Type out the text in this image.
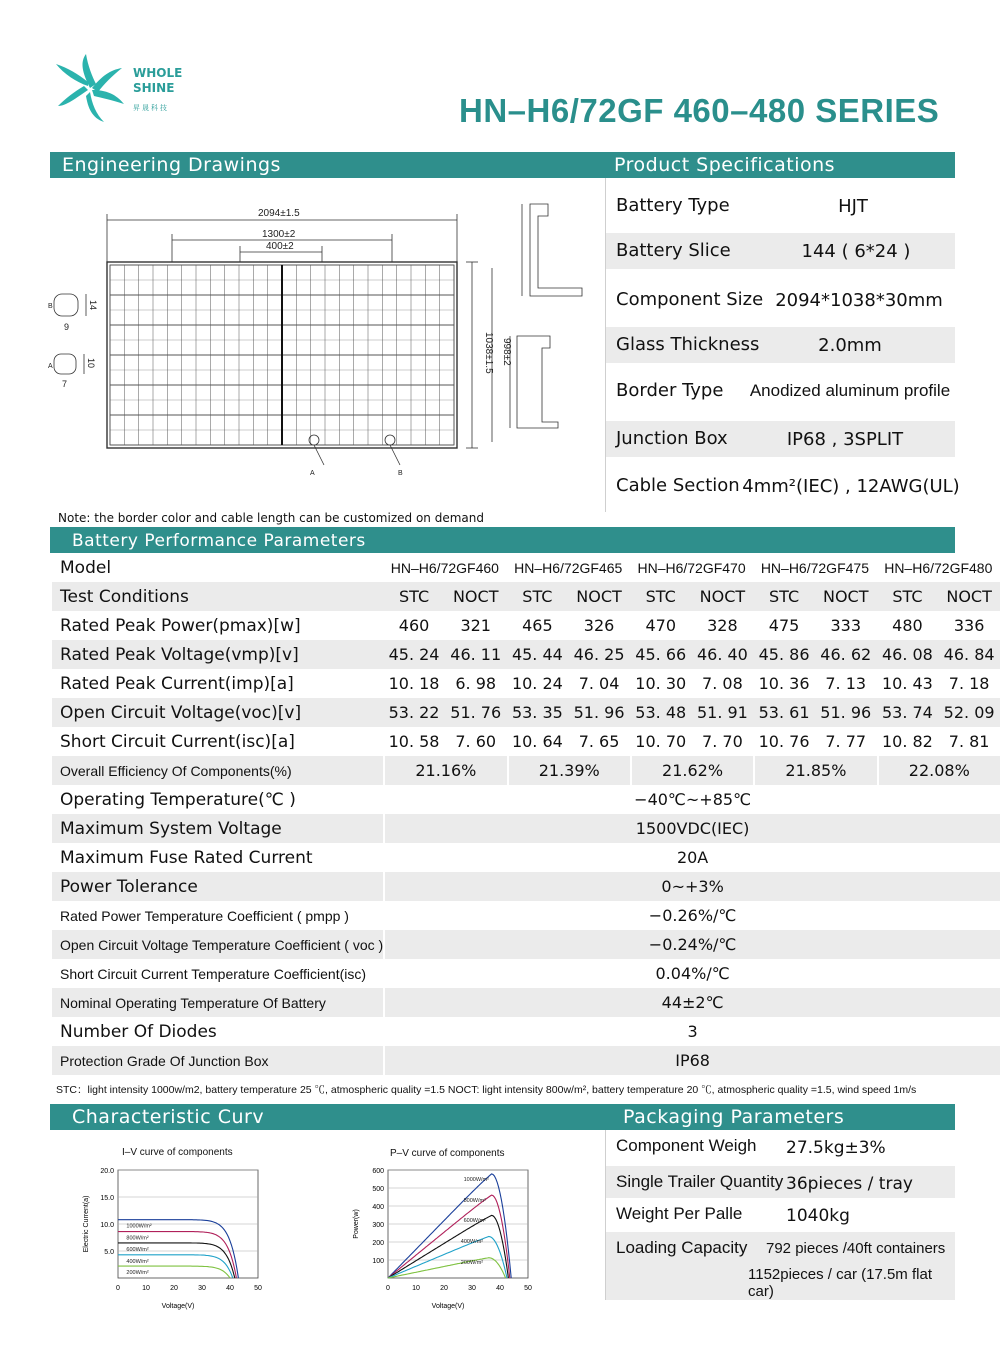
WHOLE
SHINE
昇晟科技	HN–H6/72GF 460–480 SERIES
Engineering Drawings	Product Specifications
2094±1.5
1300±2
400±2
B
A
A	B
9
7
1038±1.5 998±2
14
10
Note: the border color and cable length can be customized on demand
Battery Type	HJT
Battery Slice	144 ( 6*24 )
Component Size 2094*1038*30mm
Glass Thickness	2.0mm
Border Type	Anodized aluminum profile
Junction Box	IP68 , 3SPLIT
Cable Section 4mm²(IEC) , 12AWG(UL)
Battery Performance Parameters
Model	HN–H6/72GF460		HN–H6/72GF465		HN–H6/72GF470		HN–H6/72GF475		HN–H6/72GF480	
Test Conditions	STC	NOCT	STC	NOCT	STC	NOCT	STC	NOCT	STC	NOCT
Rated Peak Power(pmax)[w]	460	321	465	326	470	328	475	333	480	336
Rated Peak Voltage(vmp)[v]	45. 24	46. 11	45. 44	46. 25	45. 66	46. 40	45. 86	46. 62	46. 08	46. 84
Rated Peak Current(imp)[a]	10. 18	6. 98	10. 24	7. 04	10. 30	7. 08	10. 36	7. 13	10. 43	7. 18
Open Circuit Voltage(voc)[v]	53. 22	51. 76	53. 35	51. 96	53. 48	51. 91	53. 61	51. 96	53. 74	52. 09
Short Circuit Current(isc)[a]	10. 58	7. 60	10. 64	7. 65	10. 70	7. 70	10. 76	7. 77	10. 82	7. 81
Overall Efficiency Of Components(%)	21.16%		21.39%		21.62%		21.85%		22.08%	
Operating Temperature(℃ )	−40℃~+85℃									
Maximum System Voltage	1500VDC(IEC)									
Maximum Fuse Rated Current	20A									
Power Tolerance	0~+3%									
Rated Power Temperature Coefficient ( pmpp )	−0.26%/℃									
Open Circuit Voltage Temperature Coefficient ( voc )	−0.24%/℃									
Short Circuit Current Temperature Coefficient(isc)	0.04%/℃									
Nominal Operating Temperature Of Battery	44±2℃									
Number Of Diodes	3									
Protection Grade Of Junction Box	IP68									
STC：light intensity 1000w/m2, battery temperature 25 ℃, atmospheric quality =1.5 NOCT: light intensity 800w/m², battery temperature 20 ℃, atmospheric quality =1.5, wind speed 1m/s
Characteristic Curv	Packaging Parameters
Component Weigh 27.5kg±3%
Single Trailer Quantity 36pieces / tray
Weight Per Palle	1040kg
Loading Capacity 792 pieces /40ft containers
1152pieces / car (17.5m flat car)
I–V curve of components	P–V curve of components
5.0
10.0
15.0
20.0
0	10	20	30	40	50
Voltage(V)
Electric Current(a)	1000W/m²
800W/m²
600W/m²
400W/m²
200W/m²
100
200
300
400
500
600
0	10	20	30	40	50
Voltage(V)
Power(w)
1000W/m²
800W/m²
600W/m²
400W/m²
200W/m²
